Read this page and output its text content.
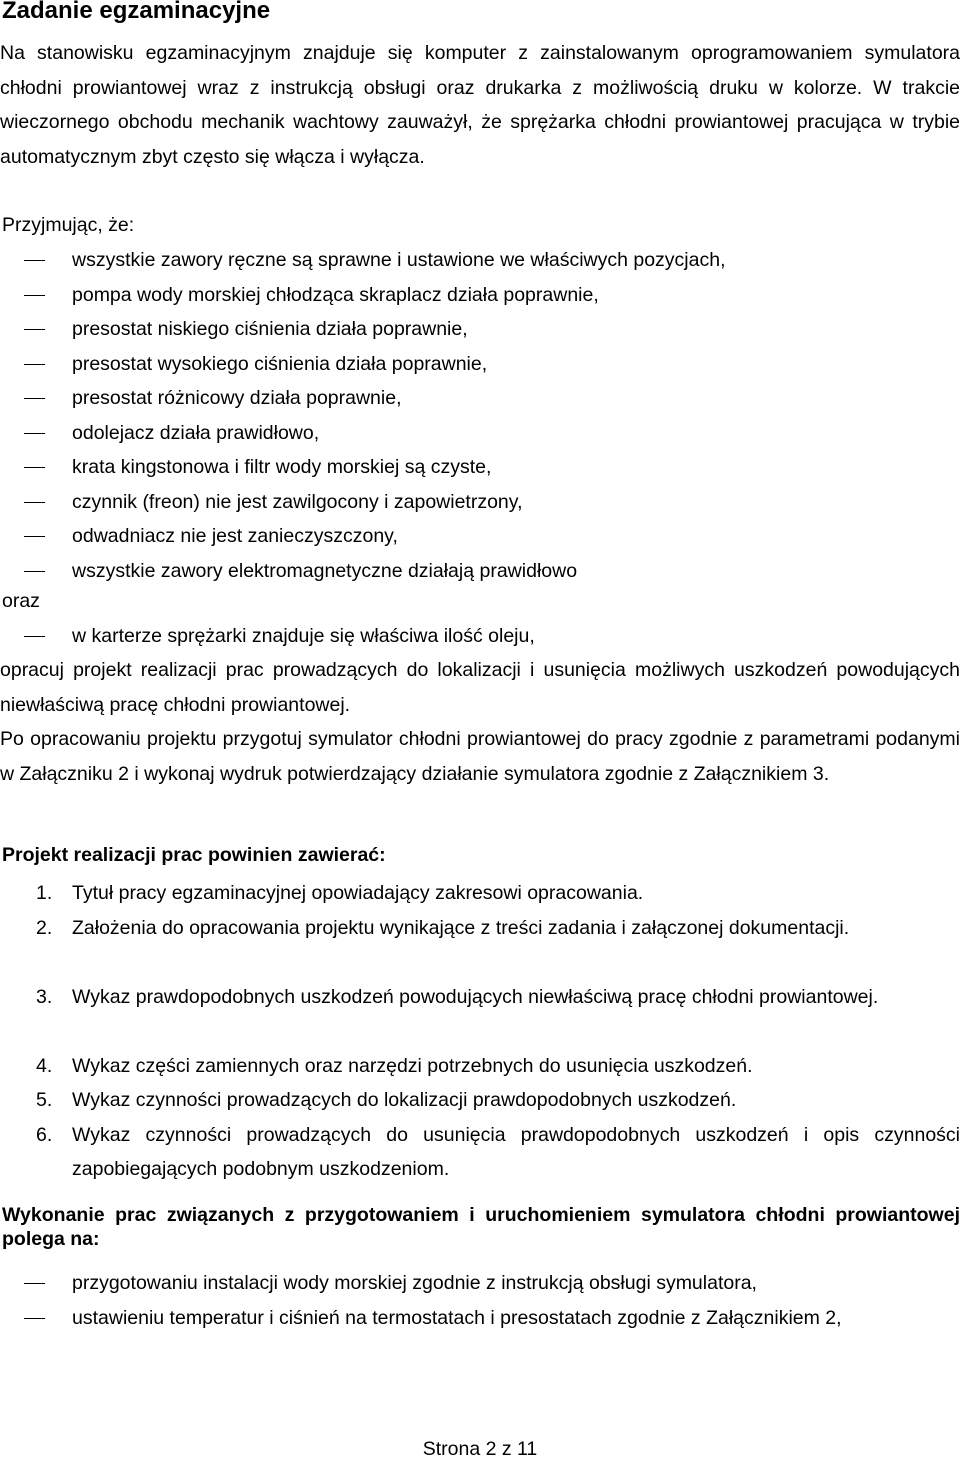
Zadanie egzaminacyjne

Na stanowisku egzaminacyjnym znajduje się komputer z zainstalowanym oprogramowaniem symulatora chłodni prowiantowej wraz z instrukcją obsługi oraz drukarka z możliwością druku w kolorze. W trakcie wieczornego obchodu mechanik wachtowy zauważył, że sprężarka chłodni prowiantowej pracująca w trybie automatycznym zbyt często się włącza i wyłącza.

Przyjmując, że:

wszystkie zawory ręczne są sprawne i ustawione we właściwych pozycjach,
pompa wody morskiej chłodząca skraplacz działa poprawnie,
presostat niskiego ciśnienia działa poprawnie,
presostat wysokiego ciśnienia działa poprawnie,
presostat różnicowy działa poprawnie,
odolejacz działa prawidłowo,
krata kingstonowa i filtr wody morskiej są czyste,
czynnik (freon) nie jest zawilgocony i zapowietrzony,
odwadniacz nie jest zanieczyszczony,
wszystkie zawory elektromagnetyczne działają prawidłowo

oraz

w karterze sprężarki znajduje się właściwa ilość oleju,

opracuj projekt realizacji prac prowadzących do lokalizacji i usunięcia możliwych uszkodzeń powodujących niewłaściwą pracę chłodni prowiantowej.

Po opracowaniu projektu przygotuj symulator chłodni prowiantowej do pracy zgodnie z parametrami podanymi w Załączniku 2 i wykonaj wydruk potwierdzający działanie symulatora zgodnie z Załącznikiem 3.

Projekt realizacji prac powinien zawierać:
1. Tytuł pracy egzaminacyjnej opowiadający zakresowi opracowania.
2. Założenia do opracowania projektu wynikające z treści zadania i załączonej dokumentacji.
3. Wykaz prawdopodobnych uszkodzeń powodujących niewłaściwą pracę chłodni prowiantowej.
4. Wykaz części zamiennych oraz narzędzi potrzebnych do usunięcia uszkodzeń.
5. Wykaz czynności prowadzących do lokalizacji prawdopodobnych uszkodzeń.
6. Wykaz czynności prowadzących do usunięcia prawdopodobnych uszkodzeń i opis czynności zapobiegających podobnym uszkodzeniom.
Wykonanie prac związanych z przygotowaniem i uruchomieniem symulatora chłodni prowiantowej polega na:
przygotowaniu instalacji wody morskiej zgodnie z instrukcją obsługi symulatora,
ustawieniu temperatur i ciśnień na termostatach i presostatach zgodnie z Załącznikiem 2,
Strona 2 z 11
